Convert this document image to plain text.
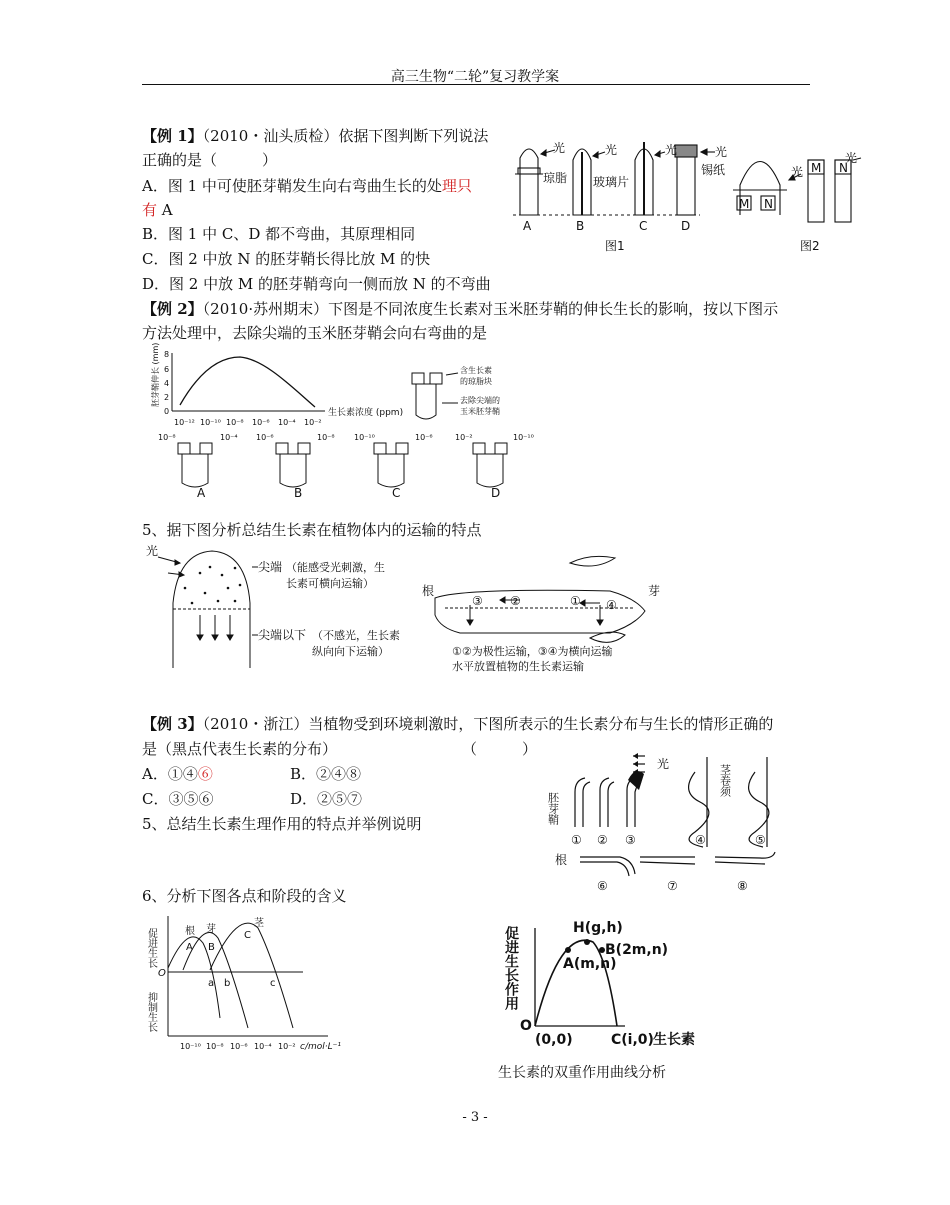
高三生物“二轮”复习教学案
【例 1】（2010・汕头质检）依据下图判断下列说法
正确的是（　　　）
A．图 1 中可使胚芽鞘发生向右弯曲生长的处理只
有 A
B．图 1 中 C、D 都不弯曲，其原理相同
C．图 2 中放 N 的胚芽鞘长得比放 M 的快
D．图 2 中放 M 的胚芽鞘弯向一侧而放 N 的不弯曲
光
琼脂
光
玻璃片
光	光
锡纸
A	B	C	D
图1
M N
光 M N
光
图2
【例 2】（2010·苏州期末）下图是不同浓度生长素对玉米胚芽鞘的伸长生长的影响，按以下图示
方法处理中，去除尖端的玉米胚芽鞘会向右弯曲的是
胚芽鞘伸长 (mm) 8
6
4
2
0
10⁻¹² 10⁻¹⁰ 10⁻⁸ 10⁻⁶ 10⁻⁴ 10⁻²
生长素浓度 (ppm)
含生长素
的琼脂块
去除尖端的
玉米胚芽鞘
10⁻⁸	10⁻⁴ 10⁻⁶	10⁻⁸ 10⁻¹⁰	10⁻⁶	10⁻²	10⁻¹⁰
A	B	C	D
5、据下图分析总结生长素在植物体内的运输的特点
光
尖端 （能感受光刺激，生
长素可横向运输）
尖端以下 （不感光，生长素
纵向向下运输）
根	芽
③ ②	① ④
①②为极性运输，③④为横向运输
水平放置植物的生长素运输
【例 3】（2010・浙江）当植物受到环境刺激时，下图所表示的生长素分布与生长的情形正确的
是（黑点代表生长素的分布）	（　　　）
A．①④⑥	B．②④⑧
C．③⑤⑥	D．②⑤⑦
5、总结生长素生理作用的特点并举例说明
光
胚芽鞘
茎卷须
根
① ② ③	④	⑤
⑥	⑦	⑧
6、分析下图各点和阶段的含义
促进生长
抑制生长
O
根 芽
茎
A B
C
a b	c
10⁻¹⁰ 10⁻⁸ 10⁻⁶ 10⁻⁴ 10⁻² c/mol·L⁻¹
促进生长作用	H(g,h)
B(2m,n)
A(m,n)
O
(0,0)	C(i,0) 生长素
生长素的双重作用曲线分析
- 3 -
